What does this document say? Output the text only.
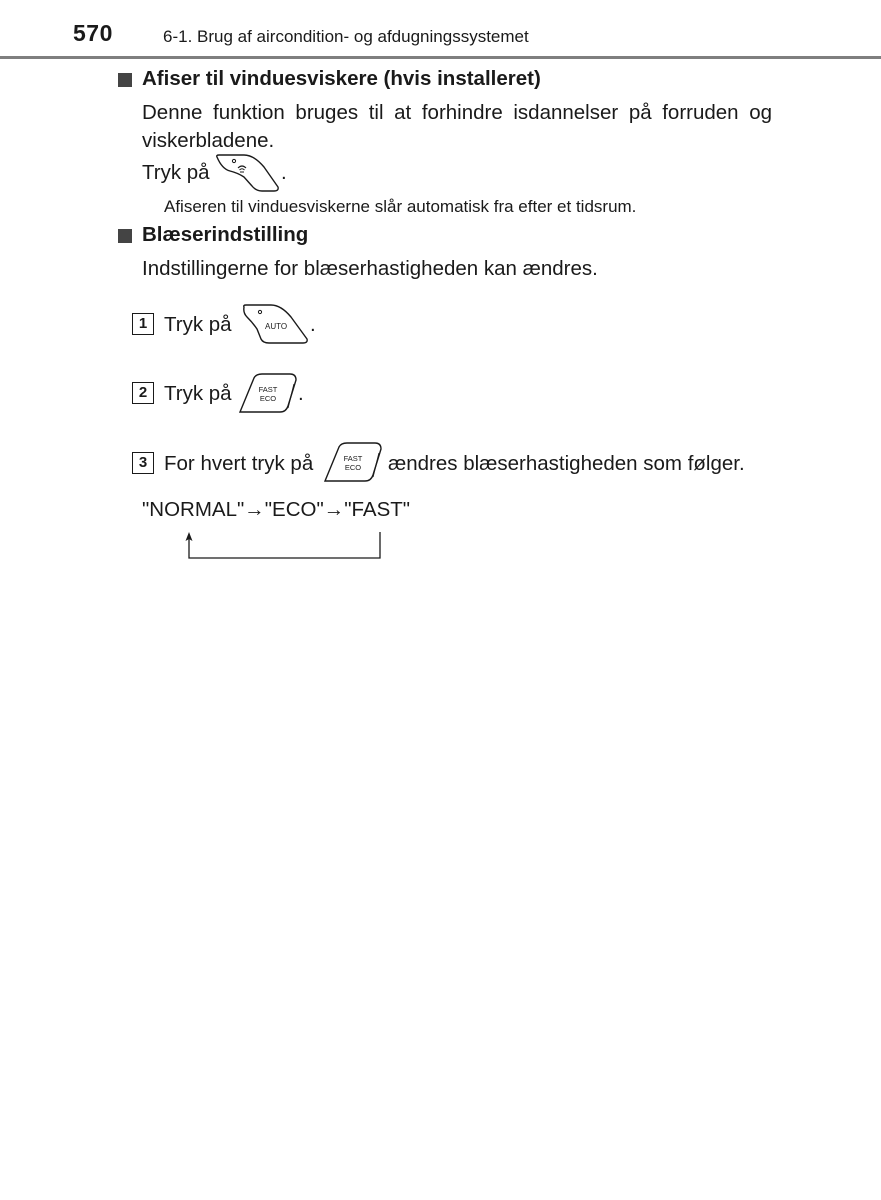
570	6-1. Brug af aircondition- og afdugningssystemet
Afiser til vinduesviskere (hvis installeret)
Denne funktion bruges til at forhindre isdannelser på forruden og viskerbladene.
Tryk på	.
Afiseren til vinduesviskerne slår automatisk fra efter et tidsrum.
Blæserindstilling
Indstillingerne for blæserhastigheden kan ændres.
1 Tryk på	AUTO .
2 Tryk på	FAST
ECO .
3 For hvert tryk på	FAST
ECO ændres blæserhastigheden som følger.
"NORMAL"→"ECO"→"FAST"
